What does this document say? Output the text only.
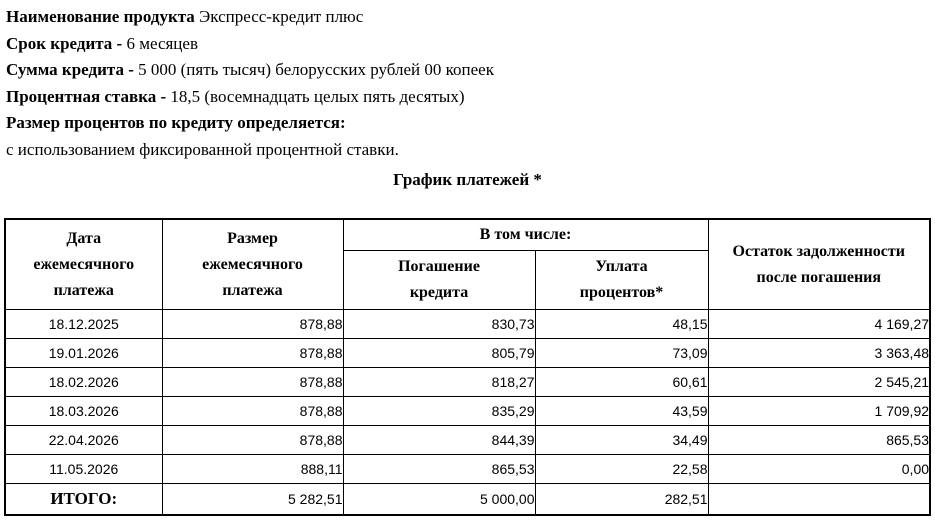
Наименование продукта Экспресс-кредит плюс
Срок кредита - 6 месяцев
Сумма кредита - 5 000 (пять тысяч) белорусских рублей 00 копеек
Процентная ставка - 18,5 (восемнадцать целых пять десятых)
Размер процентов по кредиту определяется:
с использованием фиксированной процентной ставки.
График платежей *
Дата ежемесячного платежа	Размер ежемесячного платежа	В том числе:		Остаток задолженности после погашения
		Погашение кредита	Уплата процентов*	
18.12.2025	878,88	830,73	48,15	4 169,27
19.01.2026	878,88	805,79	73,09	3 363,48
18.02.2026	878,88	818,27	60,61	2 545,21
18.03.2026	878,88	835,29	43,59	1 709,92
22.04.2026	878,88	844,39	34,49	865,53
11.05.2026	888,11	865,53	22,58	0,00
ИТОГО:	5 282,51	5 000,00	282,51	
